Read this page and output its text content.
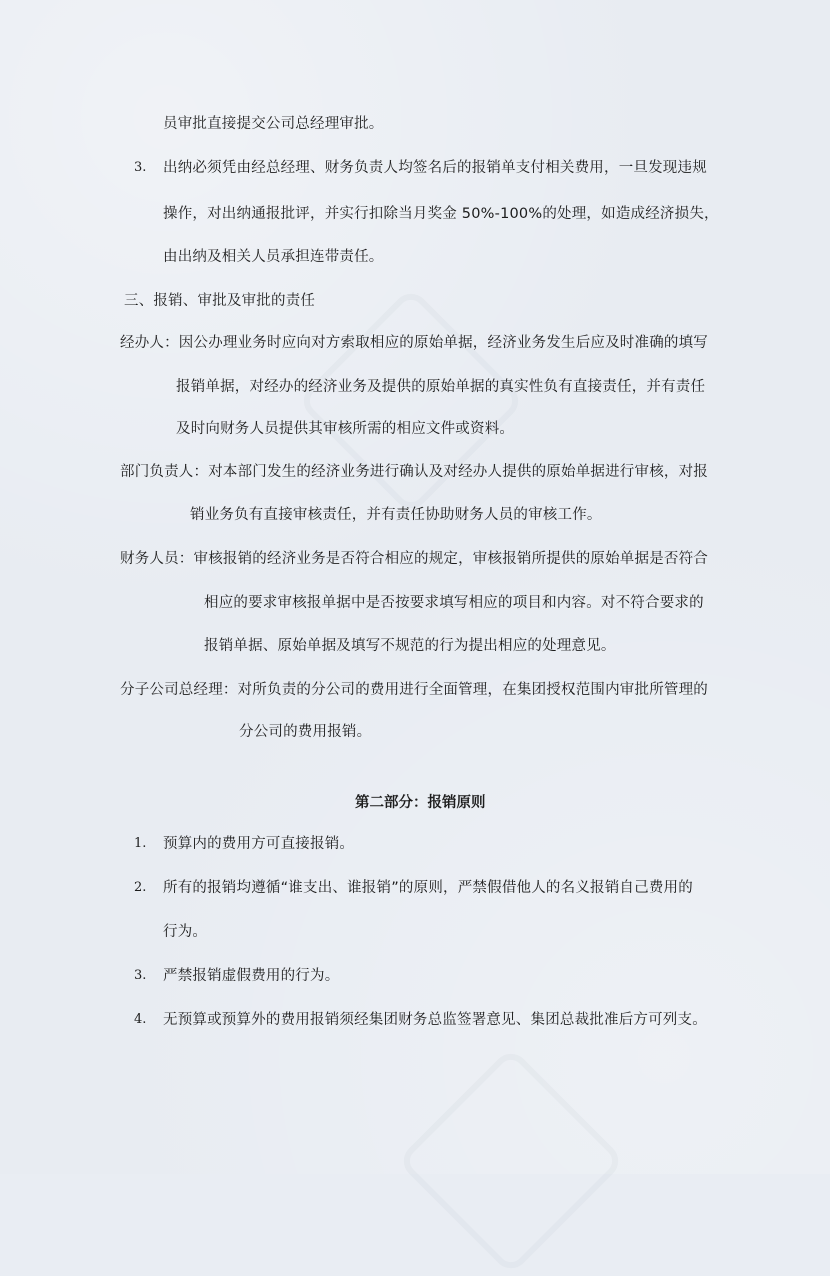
员审批直接提交公司总经理审批。
3. 出纳必须凭由经总经理、财务负责人均签名后的报销单支付相关费用，一旦发现违规
操作，对出纳通报批评，并实行扣除当月奖金 50%-100%的处理，如造成经济损失，
由出纳及相关人员承担连带责任。
三、报销、审批及审批的责任
经办人：因公办理业务时应向对方索取相应的原始单据，经济业务发生后应及时准确的填写
报销单据，对经办的经济业务及提供的原始单据的真实性负有直接责任，并有责任
及时向财务人员提供其审核所需的相应文件或资料。
部门负责人：对本部门发生的经济业务进行确认及对经办人提供的原始单据进行审核，对报
销业务负有直接审核责任，并有责任协助财务人员的审核工作。
财务人员：审核报销的经济业务是否符合相应的规定，审核报销所提供的原始单据是否符合
相应的要求审核报单据中是否按要求填写相应的项目和内容。对不符合要求的
报销单据、原始单据及填写不规范的行为提出相应的处理意见。
分子公司总经理：对所负责的分公司的费用进行全面管理，在集团授权范围内审批所管理的
分公司的费用报销。
第二部分：报销原则
1. 预算内的费用方可直接报销。
2. 所有的报销均遵循“谁支出、谁报销”的原则，严禁假借他人的名义报销自己费用的
行为。
3. 严禁报销虚假费用的行为。
4. 无预算或预算外的费用报销须经集团财务总监签署意见、集团总裁批准后方可列支。
